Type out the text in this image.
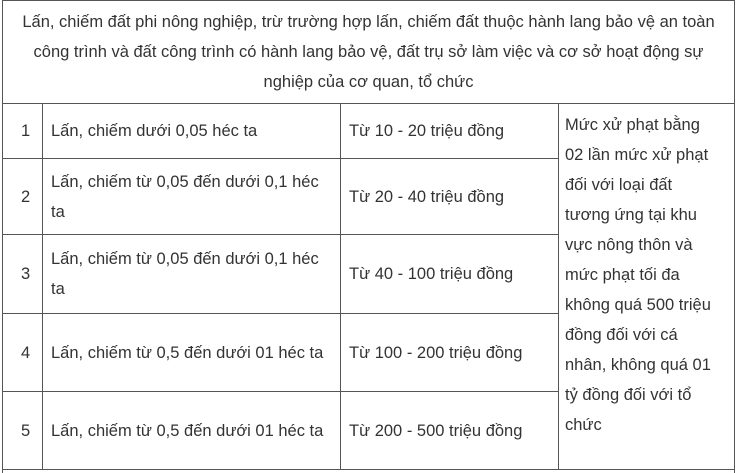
Lấn, chiếm đất phi nông nghiệp, trừ trường hợp lấn, chiếm đất thuộc hành lang bảo vệ an toàn công trình và đất công trình có hành lang bảo vệ, đất trụ sở làm việc và cơ sở hoạt động sự nghiệp của cơ quan, tổ chức			
1	Lấn, chiếm dưới 0,05 héc ta	Từ 10 - 20 triệu đồng	Mức xử phạt bằng 02 lần mức xử phạt đối với loại đất tương ứng tại khu vực nông thôn và mức phạt tối đa không quá 500 triệu đồng đối với cá nhân, không quá 01 tỷ đồng đối với tổ chức
2	Lấn, chiếm từ 0,05 đến dưới 0,1 héc ta	Từ 20 - 40 triệu đồng	
3	Lấn, chiếm từ 0,05 đến dưới 0,1 héc ta	Từ 40 - 100 triệu đồng	
4	Lấn, chiếm từ 0,5 đến dưới 01 héc ta	Từ 100 - 200 triệu đồng	
5	Lấn, chiếm từ 0,5 đến dưới 01 héc ta	Từ 200 - 500 triệu đồng	
